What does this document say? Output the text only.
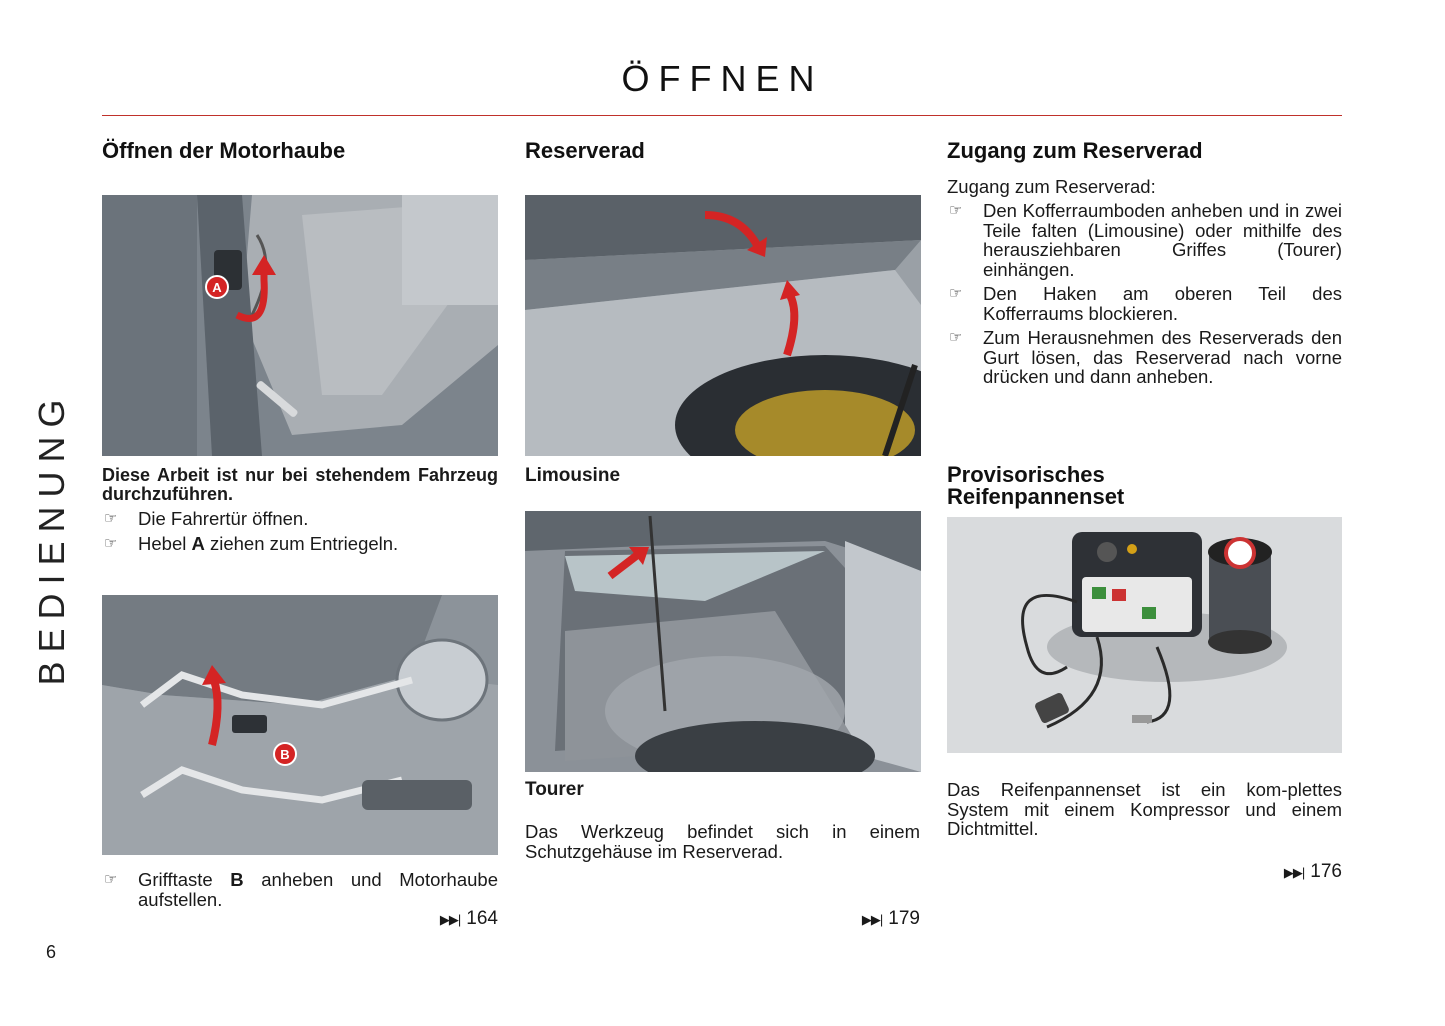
ÖFFNEN
BEDIENUNG
6
Öffnen der Motorhaube
A
Diese Arbeit ist nur bei stehendem Fahrzeug durchzuführen.
☞ Die Fahrertür öffnen.
☞ Hebel A ziehen zum Entriegeln.
B
☞ Grifftaste B anheben und Motorhaube aufstellen.
▶▶| 164
Reserverad
Limousine
Tourer
Das Werkzeug befindet sich in einem Schutzgehäuse im Reserverad.
▶▶| 179
Zugang zum Reserverad
Zugang zum Reserverad:
☞ Den Kofferraumboden anheben und in zwei Teile falten (Limousine) oder mithilfe des herausziehbaren Griffes (Tourer) einhängen.
☞ Den Haken am oberen Teil des Kofferraums blockieren.
☞ Zum Herausnehmen des Reserverads den Gurt lösen, das Reserverad nach vorne drücken und dann anheben.
Provisorisches
Reifenpannenset
Das Reifenpannenset ist ein kom-plettes System mit einem Kompressor und einem Dichtmittel.
▶▶| 176
